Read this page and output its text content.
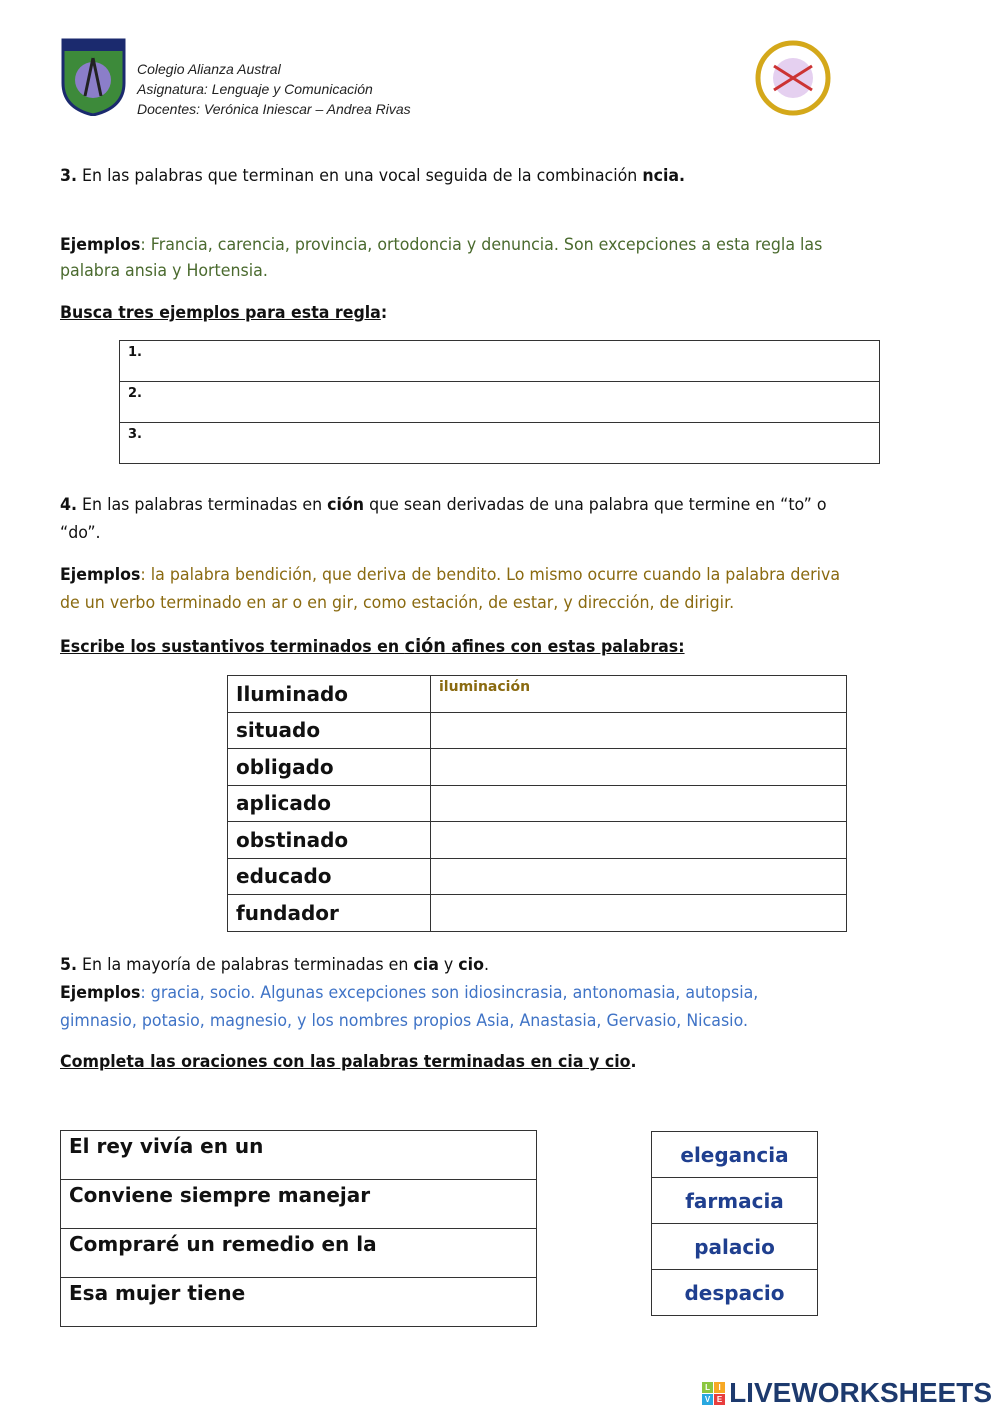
Colegio Alianza Austral
Asignatura: Lenguaje y Comunicación
Docentes: Verónica Iniescar – Andrea Rivas
3. En las palabras que terminan en una vocal seguida de la combinación ncia.
Ejemplos: Francia, carencia, provincia, ortodoncia y denuncia. Son excepciones a esta regla las
palabra ansia y Hortensia.
Busca tres ejemplos para esta regla:
1.
2.
3.
4. En las palabras terminadas en ción que sean derivadas de una palabra que termine en “to” o
“do”.
Ejemplos: la palabra bendición, que deriva de bendito. Lo mismo ocurre cuando la palabra deriva
de un verbo terminado en ar o en gir, como estación, de estar, y dirección, de dirigir.
Escribe los sustantivos terminados en ción afines con estas palabras:
Iluminado	iluminación
situado	
obligado	
aplicado	
obstinado	
educado	
fundador	
5. En la mayoría de palabras terminadas en cia y cio.
Ejemplos: gracia, socio. Algunas excepciones son idiosincrasia, antonomasia, autopsia,
gimnasio, potasio, magnesio, y los nombres propios Asia, Anastasia, Gervasio, Nicasio.
Completa las oraciones con las palabras terminadas en cia y cio.
El rey vivía en un
Conviene siempre manejar
Compraré un remedio en la
Esa mujer tiene
elegancia
farmacia
palacio
despacio
L	I
V E LIVEWORKSHEETS
